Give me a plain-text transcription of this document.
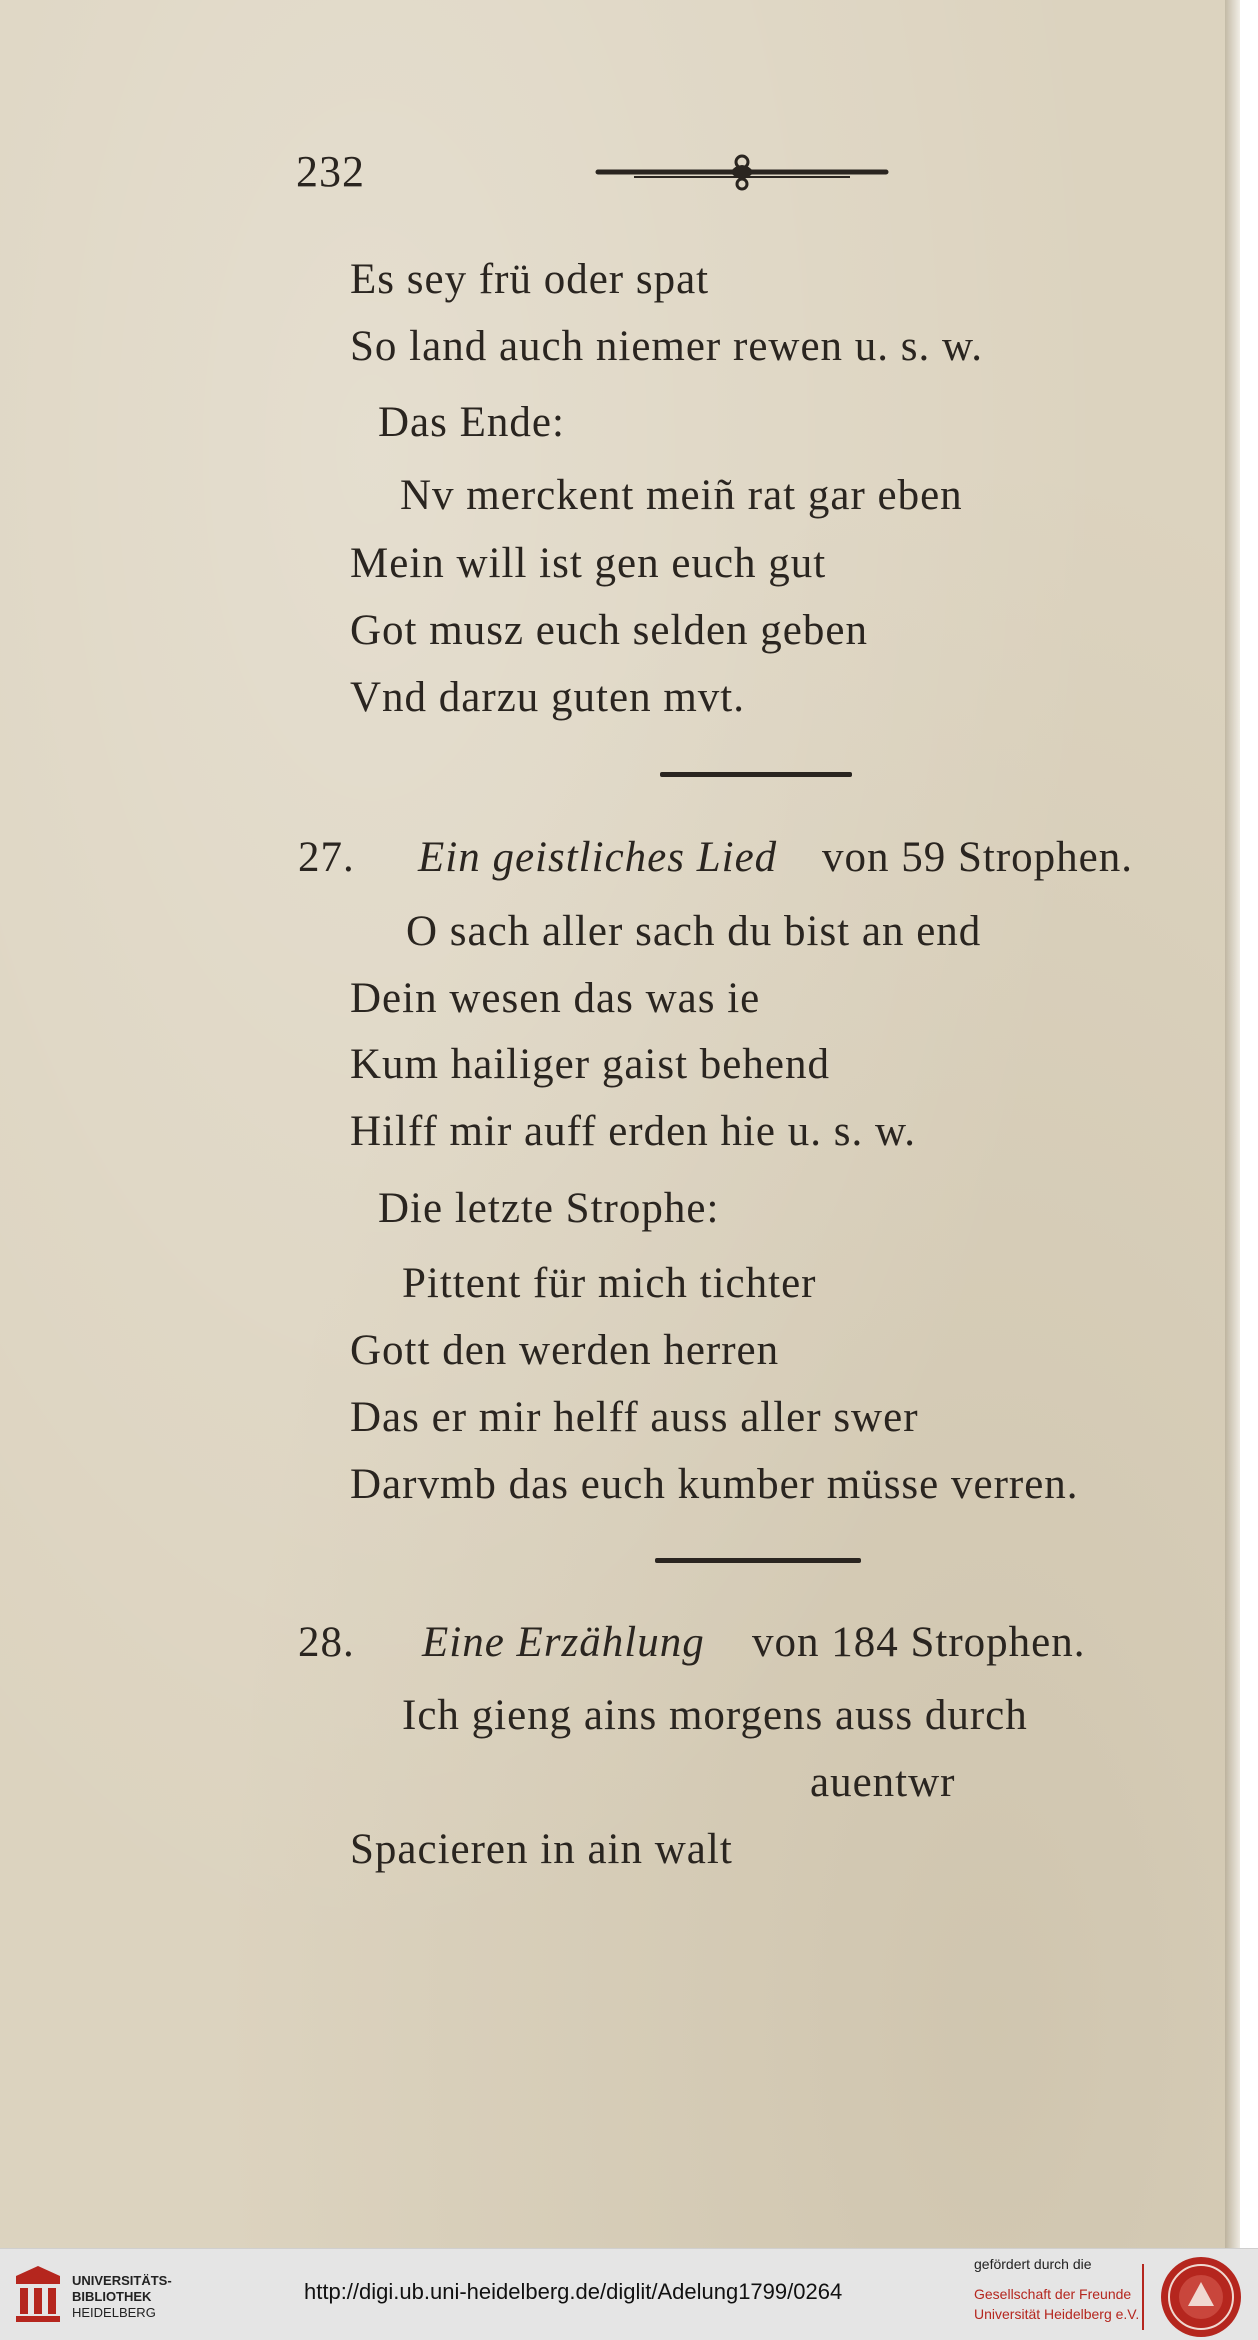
232
Es sey frü oder spat
So land auch niemer rewen u. s. w.
Das Ende:
Nv merckent meiñ rat gar eben
Mein will ist gen euch gut
Got musz euch selden geben
Vnd darzu guten mvt.
27. Ein geistliches Lied von 59 Strophen.
O sach aller sach du bist an end
Dein wesen das was ie
Kum hailiger gaist behend
Hilff mir auff erden hie u. s. w.
Die letzte Strophe:
Pittent für mich tichter
Gott den werden herren
Das er mir helff auss aller swer
Darvmb das euch kumber müsse verren.
28. Eine Erzählung von 184 Strophen.
Ich gieng ains morgens auss durch
auentwr
Spacieren in ain walt
UNIVERSITÄTS-
BIBLIOTHEK
HEIDELBERG
http://digi.ub.uni-heidelberg.de/diglit/Adelung1799/0264
gefördert durch die
Gesellschaft der Freunde
Universität Heidelberg e.V.
